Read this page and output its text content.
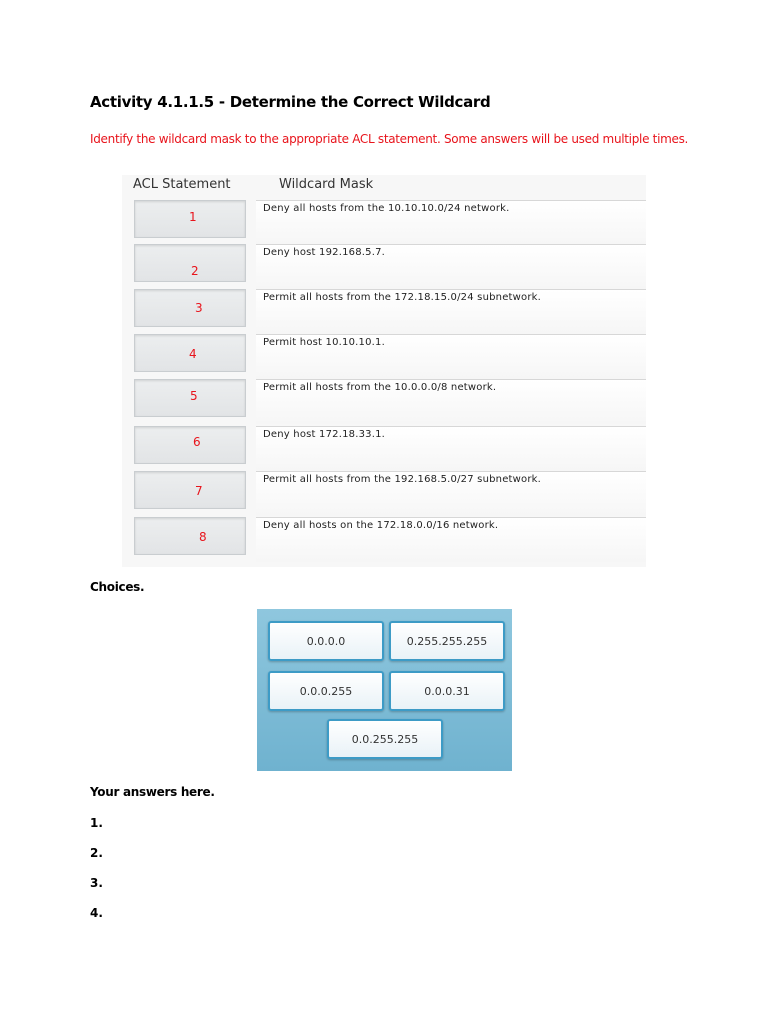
Activity 4.1.1.5 - Determine the Correct Wildcard
Identify the wildcard mask to the appropriate ACL statement. Some answers will be used multiple times.
ACL Statement	Wildcard Mask
1
Deny all hosts from the 10.10.10.0/24 network.
2
Deny host 192.168.5.7.
3
Permit all hosts from the 172.18.15.0/24 subnetwork.
4
Permit host 10.10.10.1.
5
Permit all hosts from the 10.0.0.0/8 network.
6
Deny host 172.18.33.1.
7
Permit all hosts from the 192.168.5.0/27 subnetwork.
8
Deny all hosts on the 172.18.0.0/16 network.
Choices.
0.0.0.0	0.255.255.255
0.0.0.255	0.0.0.31
0.0.255.255
Your answers here.
1.
2.
3.
4.
